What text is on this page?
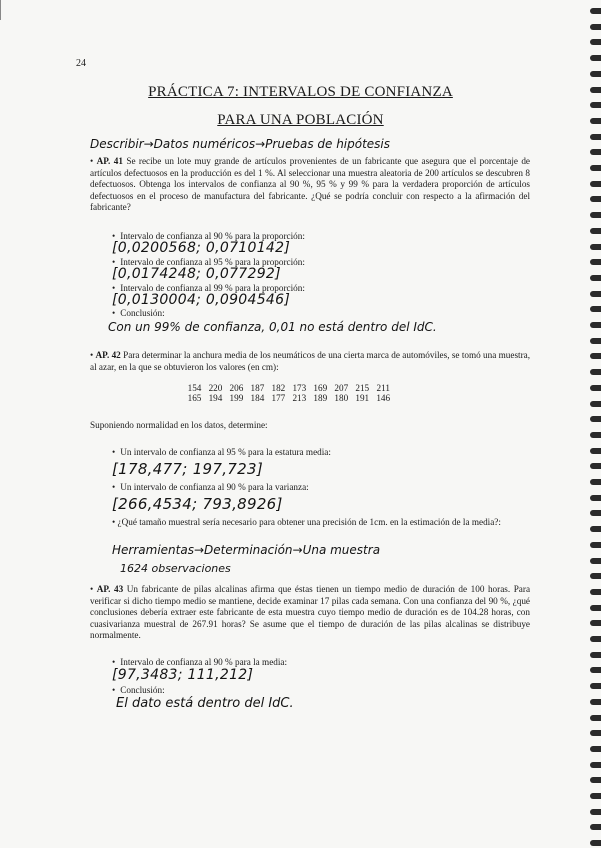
24
PRÁCTICA 7: INTERVALOS DE CONFIANZA
PARA UNA POBLACIÓN
Describir→Datos numéricos→Pruebas de hipótesis
• AP. 41 Se recibe un lote muy grande de artículos provenientes de un fabricante que asegura que el porcentaje de artículos defectuosos en la producción es del 1 %. Al seleccionar una muestra aleatoria de 200 artículos se descubren 8 defectuosos. Obtenga los intervalos de confianza al 90 %, 95 % y 99 % para la verdadera proporción de artículos defectuosos en el proceso de manufactura del fabricante. ¿Qué se podría concluir con respecto a la afirmación del fabricante?
• Intervalo de confianza al 90 % para la proporción:
[0,0200568; 0,0710142]
• Intervalo de confianza al 95 % para la proporción:
[0,0174248; 0,077292]
• Intervalo de confianza al 99 % para la proporción:
[0,0130004; 0,0904546]
• Conclusión:
Con un 99% de confianza, 0,01 no está dentro del IdC.
• AP. 42 Para determinar la anchura media de los neumáticos de una cierta marca de automóviles, se tomó una muestra, al azar, en la que se obtuvieron los valores (en cm):
154	220	206	187	182	173	169	207	215	211
165	194	199	184	177	213	189	180	191	146
Suponiendo normalidad en los datos, determine:
• Un intervalo de confianza al 95 % para la estatura media:
[178,477; 197,723]
• Un intervalo de confianza al 90 % para la varianza:
[266,4534; 793,8926]
• ¿Qué tamaño muestral sería necesario para obtener una precisión de 1cm. en la estimación de la media?:
Herramientas→Determinación→Una muestra
1624 observaciones
• AP. 43 Un fabricante de pilas alcalinas afirma que éstas tienen un tiempo medio de duración de 100 horas. Para verificar si dicho tiempo medio se mantiene, decide examinar 17 pilas cada semana. Con una confianza del 90 %, ¿qué conclusiones debería extraer este fabricante de esta muestra cuyo tiempo medio de duración es de 104.28 horas, con cuasivarianza muestral de 267.91 horas? Se asume que el tiempo de duración de las pilas alcalinas se distribuye normalmente.
• Intervalo de confianza al 90 % para la media:
[97,3483; 111,212]
• Conclusión:
El dato está dentro del IdC.
